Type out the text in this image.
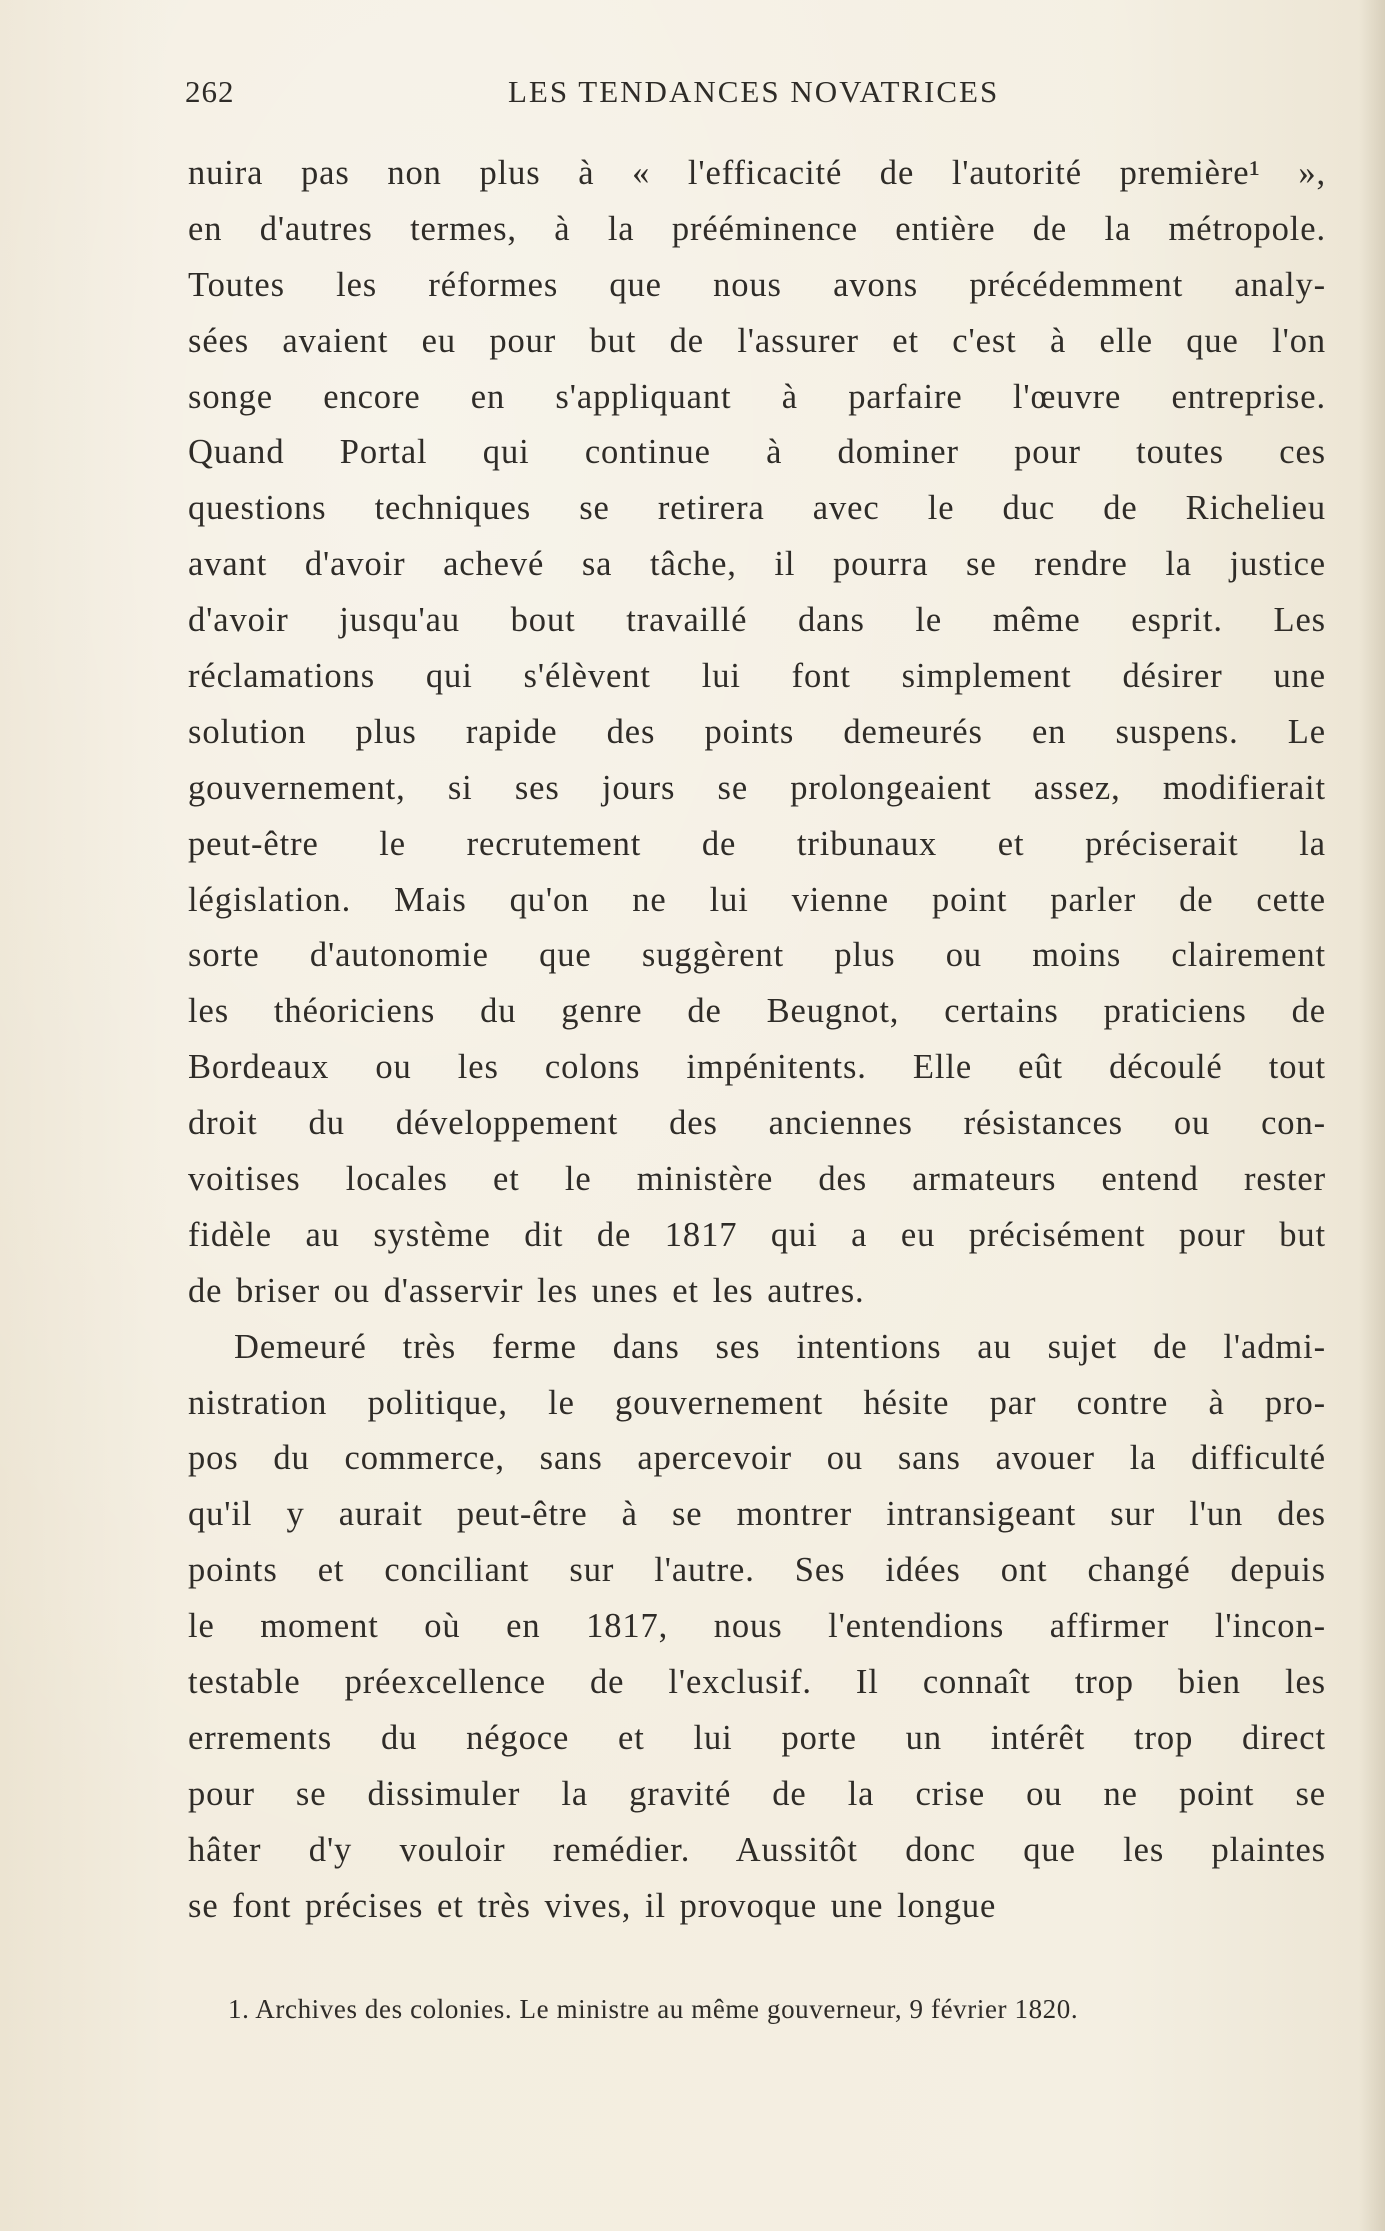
262	LES TENDANCES NOVATRICES
nuira pas non plus à « l'efficacité de l'autorité première¹ »,
en d'autres termes, à la prééminence entière de la métropole.
Toutes les réformes que nous avons précédemment analy-
sées avaient eu pour but de l'assurer et c'est à elle que l'on
songe encore en s'appliquant à parfaire l'œuvre entreprise.
Quand Portal qui continue à dominer pour toutes ces
questions techniques se retirera avec le duc de Richelieu
avant d'avoir achevé sa tâche, il pourra se rendre la justice
d'avoir jusqu'au bout travaillé dans le même esprit. Les
réclamations qui s'élèvent lui font simplement désirer une
solution plus rapide des points demeurés en suspens. Le
gouvernement, si ses jours se prolongeaient assez, modifierait
peut-être le recrutement de tribunaux et préciserait la
législation. Mais qu'on ne lui vienne point parler de cette
sorte d'autonomie que suggèrent plus ou moins clairement
les théoriciens du genre de Beugnot, certains praticiens de
Bordeaux ou les colons impénitents. Elle eût découlé tout
droit du développement des anciennes résistances ou con-
voitises locales et le ministère des armateurs entend rester
fidèle au système dit de 1817 qui a eu précisément pour but
de briser ou d'asservir les unes et les autres.
Demeuré très ferme dans ses intentions au sujet de l'admi-
nistration politique, le gouvernement hésite par contre à pro-
pos du commerce, sans apercevoir ou sans avouer la difficulté
qu'il y aurait peut-être à se montrer intransigeant sur l'un des
points et conciliant sur l'autre. Ses idées ont changé depuis
le moment où en 1817, nous l'entendions affirmer l'incon-
testable préexcellence de l'exclusif. Il connaît trop bien les
errements du négoce et lui porte un intérêt trop direct
pour se dissimuler la gravité de la crise ou ne point se
hâter d'y vouloir remédier. Aussitôt donc que les plaintes
se font précises et très vives, il provoque une longue
1. Archives des colonies. Le ministre au même gouverneur, 9 février 1820.
